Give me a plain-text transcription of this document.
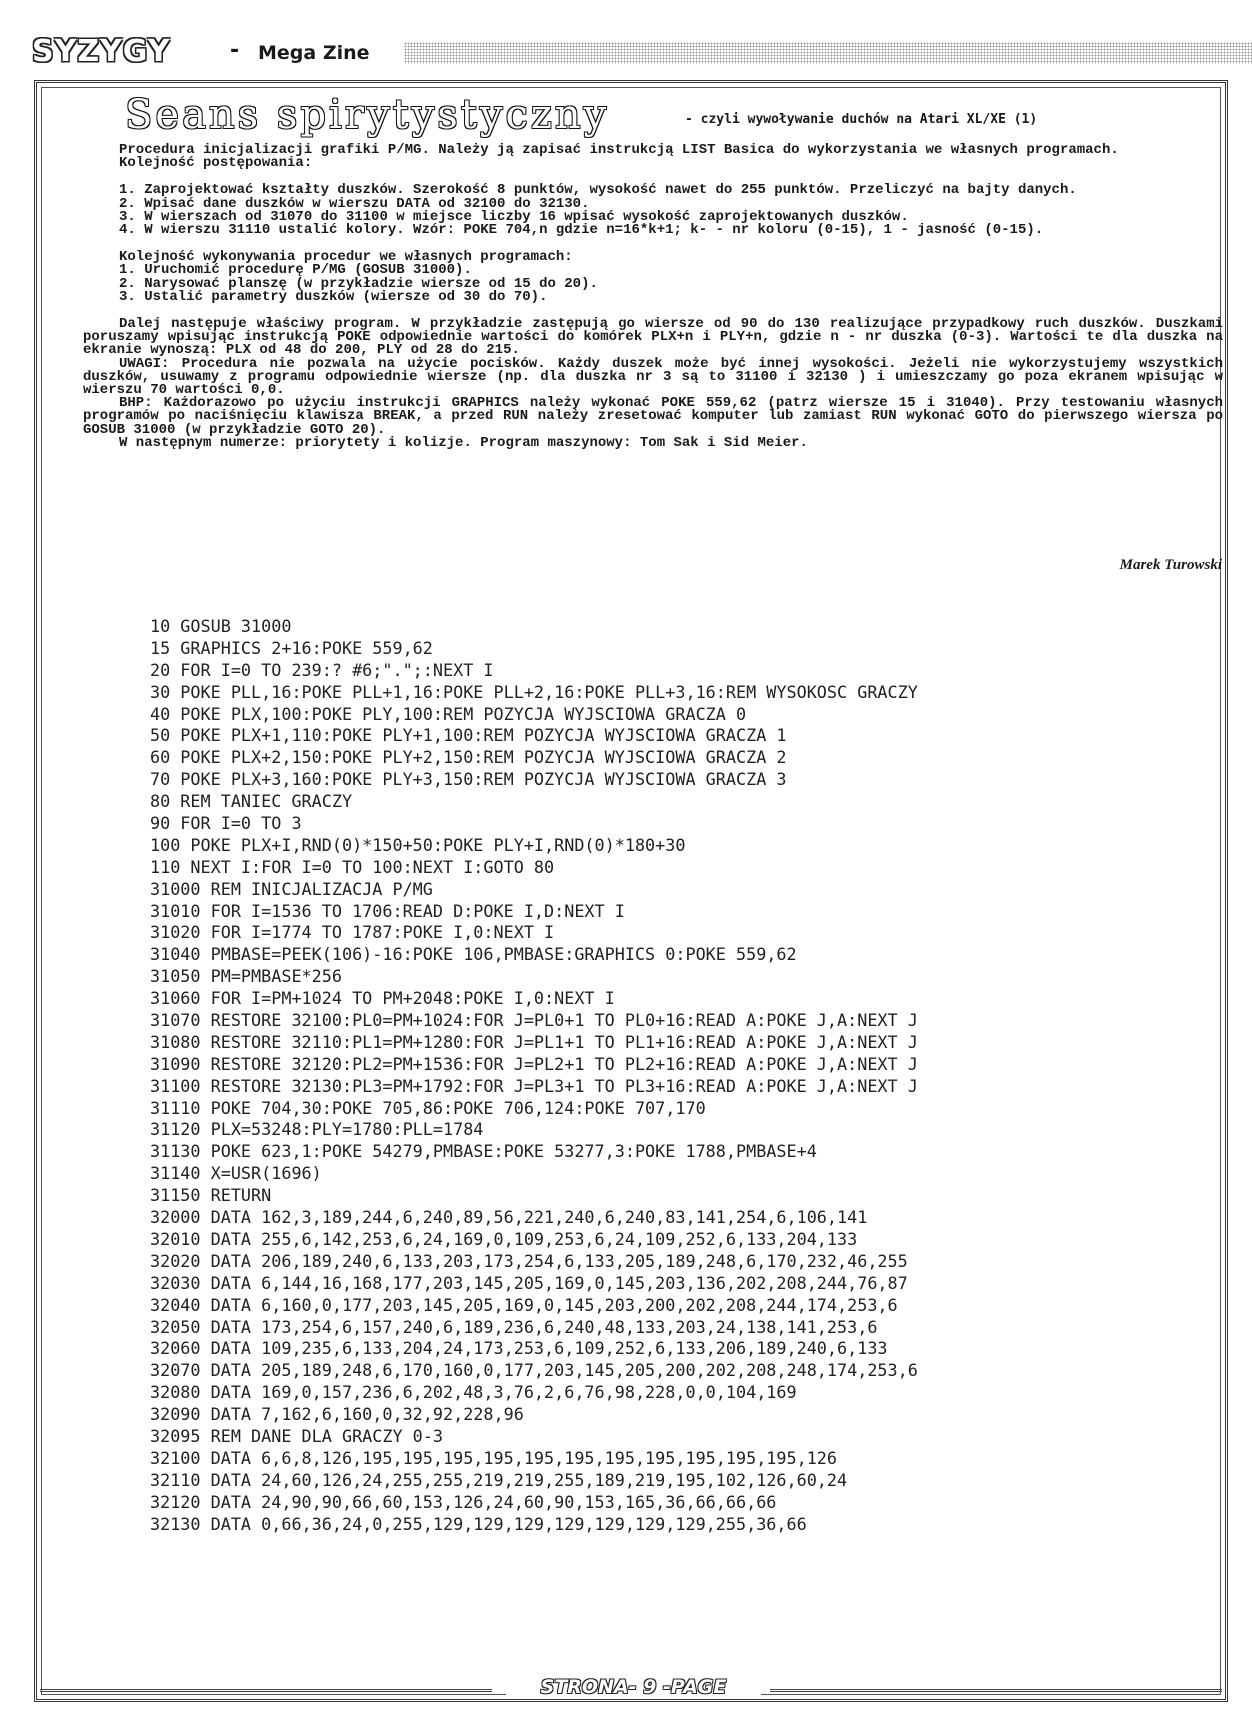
SYZYGY	- Mega Zine
Seans spirytystyczny	- czyli wywoływanie duchów na Atari XL/XE (1)

Procedura inicjalizacji grafiki P/MG. Należy ją zapisać instrukcją LIST Basica do wykorzystania we własnych programach.

Kolejność postępowania:

1. Zaprojektować kształty duszków. Szerokość 8 punktów, wysokość nawet do 255 punktów. Przeliczyć na bajty danych.

2. Wpisać dane duszków w wierszu DATA od 32100 do 32130.

3. W wierszach od 31070 do 31100 w miejsce liczby 16 wpisać wysokość zaprojektowanych duszków.

4. W wierszu 31110 ustalić kolory. Wzór: POKE 704,n gdzie n=16*k+1; k- - nr koloru (0-15), 1 - jasność (0-15).

Kolejność wykonywania procedur we własnych programach:

1. Uruchomić procedurę P/MG (GOSUB 31000).

2. Narysować planszę (w przykładzie wiersze od 15 do 20).

3. Ustalić parametry duszków (wiersze od 30 do 70).

Dalej następuje właściwy program. W przykładzie zastępują go wiersze od 90 do 130 realizujące przypadkowy ruch duszków. Duszkami poruszamy wpisując instrukcją POKE odpowiednie wartości do komórek PLX+n i PLY+n, gdzie n - nr duszka (0-3). Wartości te dla duszka na ekranie wynoszą: PLX od 48 do 200, PLY od 28 do 215.

UWAGI: Procedura nie pozwala na użycie pocisków. Każdy duszek może być innej wysokości. Jeżeli nie wykorzystujemy wszystkich duszków, usuwamy z programu odpowiednie wiersze (np. dla duszka nr 3 są to 31100 i 32130 ) i umieszczamy go poza ekranem wpisując w wierszu 70 wartości 0,0.

BHP: Każdorazowo po użyciu instrukcji GRAPHICS należy wykonać POKE 559,62 (patrz wiersze 15 i 31040). Przy testowaniu własnych programów po naciśnięciu klawisza BREAK, a przed RUN należy zresetować komputer lub zamiast RUN wykonać GOTO do pierwszego wiersza po GOSUB 31000 (w przykładzie GOTO 20).

W następnym numerze: priorytety i kolizje. Program maszynowy: Tom Sak i Sid Meier.

Marek Turowski
10 GOSUB 31000
15 GRAPHICS 2+16:POKE 559,62
20 FOR I=0 TO 239:? #6;".";:NEXT I
30 POKE PLL,16:POKE PLL+1,16:POKE PLL+2,16:POKE PLL+3,16:REM WYSOKOSC GRACZY
40 POKE PLX,100:POKE PLY,100:REM POZYCJA WYJSCIOWA GRACZA 0
50 POKE PLX+1,110:POKE PLY+1,100:REM POZYCJA WYJSCIOWA GRACZA 1
60 POKE PLX+2,150:POKE PLY+2,150:REM POZYCJA WYJSCIOWA GRACZA 2
70 POKE PLX+3,160:POKE PLY+3,150:REM POZYCJA WYJSCIOWA GRACZA 3
80 REM TANIEC GRACZY
90 FOR I=0 TO 3
100 POKE PLX+I,RND(0)*150+50:POKE PLY+I,RND(0)*180+30
110 NEXT I:FOR I=0 TO 100:NEXT I:GOTO 80
31000 REM INICJALIZACJA P/MG
31010 FOR I=1536 TO 1706:READ D:POKE I,D:NEXT I
31020 FOR I=1774 TO 1787:POKE I,0:NEXT I
31040 PMBASE=PEEK(106)-16:POKE 106,PMBASE:GRAPHICS 0:POKE 559,62
31050 PM=PMBASE*256
31060 FOR I=PM+1024 TO PM+2048:POKE I,0:NEXT I
31070 RESTORE 32100:PL0=PM+1024:FOR J=PL0+1 TO PL0+16:READ A:POKE J,A:NEXT J
31080 RESTORE 32110:PL1=PM+1280:FOR J=PL1+1 TO PL1+16:READ A:POKE J,A:NEXT J
31090 RESTORE 32120:PL2=PM+1536:FOR J=PL2+1 TO PL2+16:READ A:POKE J,A:NEXT J
31100 RESTORE 32130:PL3=PM+1792:FOR J=PL3+1 TO PL3+16:READ A:POKE J,A:NEXT J
31110 POKE 704,30:POKE 705,86:POKE 706,124:POKE 707,170
31120 PLX=53248:PLY=1780:PLL=1784
31130 POKE 623,1:POKE 54279,PMBASE:POKE 53277,3:POKE 1788,PMBASE+4
31140 X=USR(1696)
31150 RETURN
32000 DATA 162,3,189,244,6,240,89,56,221,240,6,240,83,141,254,6,106,141
32010 DATA 255,6,142,253,6,24,169,0,109,253,6,24,109,252,6,133,204,133
32020 DATA 206,189,240,6,133,203,173,254,6,133,205,189,248,6,170,232,46,255
32030 DATA 6,144,16,168,177,203,145,205,169,0,145,203,136,202,208,244,76,87
32040 DATA 6,160,0,177,203,145,205,169,0,145,203,200,202,208,244,174,253,6
32050 DATA 173,254,6,157,240,6,189,236,6,240,48,133,203,24,138,141,253,6
32060 DATA 109,235,6,133,204,24,173,253,6,109,252,6,133,206,189,240,6,133
32070 DATA 205,189,248,6,170,160,0,177,203,145,205,200,202,208,248,174,253,6
32080 DATA 169,0,157,236,6,202,48,3,76,2,6,76,98,228,0,0,104,169
32090 DATA 7,162,6,160,0,32,92,228,96
32095 REM DANE DLA GRACZY 0-3
32100 DATA 6,6,8,126,195,195,195,195,195,195,195,195,195,195,195,126
32110 DATA 24,60,126,24,255,255,219,219,255,189,219,195,102,126,60,24
32120 DATA 24,90,90,66,60,153,126,24,60,90,153,165,36,66,66,66
32130 DATA 0,66,36,24,0,255,129,129,129,129,129,129,129,255,36,66
STRONA- 9 -PAGE
